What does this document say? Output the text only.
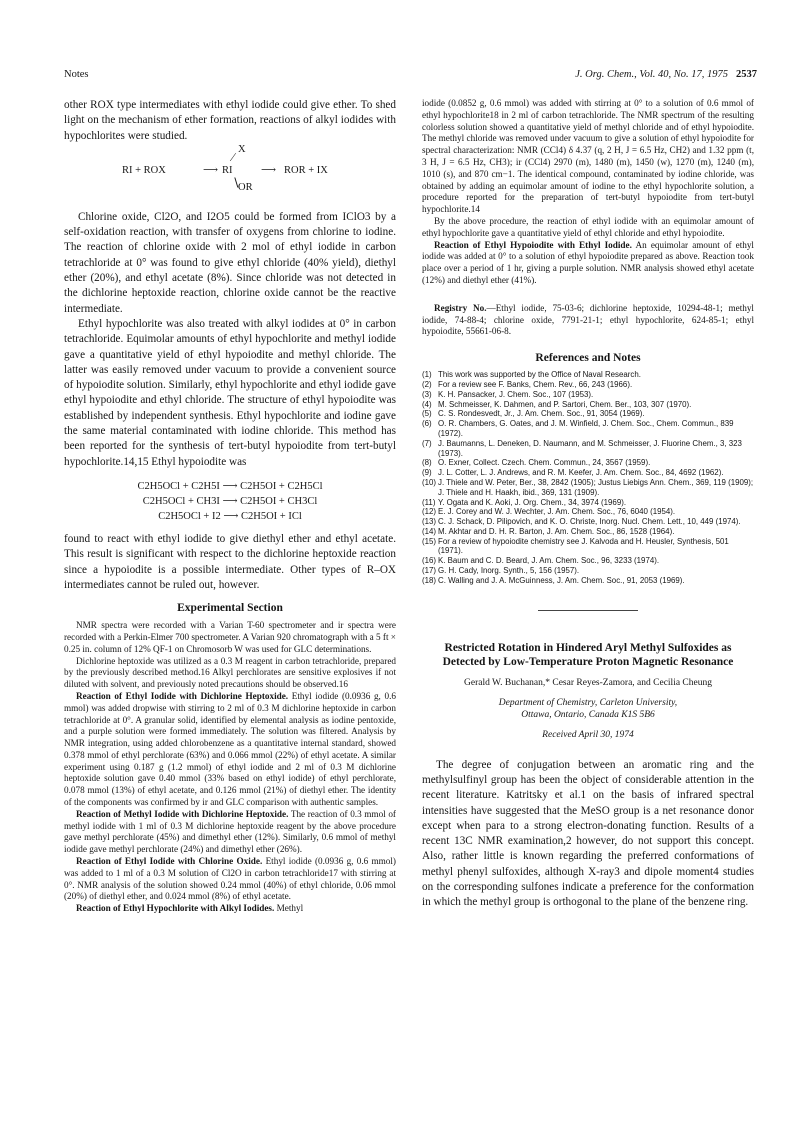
Notes	J. Org. Chem., Vol. 40, No. 17, 1975 2537

other ROX type intermediates with ethyl iodide could give ether. To shed light on the mechanism of ether formation, reactions of alkyl iodides with hypochlorites were studied.

RI + ROX	⟶ RI
∕
X
∖
OR
⟶ ROR + IX

Chlorine oxide, Cl2O, and I2O5 could be formed from IClO3 by a self-oxidation reaction, with transfer of oxygens from chlorine to iodine. The reaction of chlorine oxide with 2 mol of ethyl iodide in carbon tetrachloride at 0° was found to give ethyl chloride (40% yield), diethyl ether (20%), and ethyl acetate (8%). Since chloride was not detected in the dichlorine heptoxide reaction, chlorine oxide cannot be the reactive intermediate.

Ethyl hypochlorite was also treated with alkyl iodides at 0° in carbon tetrachloride. Equimolar amounts of ethyl hypochlorite and methyl iodide gave a quantitative yield of ethyl hypoiodite and methyl chloride. The latter was easily removed under vacuum to provide a convenient source of hypoiodite solution. Similarly, ethyl hypochlorite and ethyl iodide gave ethyl hypoiodite and ethyl chloride. The structure of ethyl hypoiodite was established by independent synthesis. Ethyl hypochlorite and iodine gave the same material contaminated with iodine chloride. This method has been reported for the synthesis of tert-butyl hypoiodite from tert-butyl hypochlorite.14,15 Ethyl hypoiodite was

C2H5OCl + C2H5I ⟶ C2H5OI + C2H5Cl
C2H5OCl + CH3I ⟶ C2H5OI + CH3Cl
C2H5OCl + I2 ⟶ C2H5OI + ICl

found to react with ethyl iodide to give diethyl ether and ethyl acetate. This result is significant with respect to the dichlorine heptoxide reaction since a hypoiodite is a possible intermediate. Other types of R–OX intermediates cannot be ruled out, however.

Experimental Section

NMR spectra were recorded with a Varian T-60 spectrometer and ir spectra were recorded with a Perkin-Elmer 700 spectrometer. A Varian 920 chromatograph with a 5 ft × 0.25 in. column of 12% QF-1 on Chromosorb W was used for GLC determinations.

Dichlorine heptoxide was utilized as a 0.3 M reagent in carbon tetrachloride, prepared by the previously described method.16 Alkyl perchlorates are sensitive explosives if not diluted with solvent, and previously noted precautions should be observed.16

Reaction of Ethyl Iodide with Dichlorine Heptoxide. Ethyl iodide (0.0936 g, 0.6 mmol) was added dropwise with stirring to 2 ml of 0.3 M dichlorine heptoxide in carbon tetrachloride at 0°. A granular solid, identified by elemental analysis as iodine pentoxide, and a purple solution were formed immediately. The solution was filtered. Analysis by NMR integration, using added chlorobenzene as a quantitative internal standard, showed 0.378 mmol of ethyl perchlorate (63%) and 0.066 mmol (22%) of ethyl acetate. A similar experiment using 0.187 g (1.2 mmol) of ethyl iodide and 2 ml of 0.3 M dichlorine heptoxide solution gave 0.40 mmol (33% based on ethyl iodide) of ethyl perchlorate, 0.078 mmol (13%) of ethyl acetate, and 0.126 mmol (21%) of diethyl ether. The identity of the components was confirmed by ir and GLC comparison with authentic samples.

Reaction of Methyl Iodide with Dichlorine Heptoxide. The reaction of 0.3 mmol of methyl iodide with 1 ml of 0.3 M dichlorine heptoxide reagent by the above procedure gave methyl perchlorate (45%) and dimethyl ether (12%). Similarly, 0.6 mmol of methyl iodide gave methyl perchlorate (24%) and dimethyl ether (26%).

Reaction of Ethyl Iodide with Chlorine Oxide. Ethyl iodide (0.0936 g, 0.6 mmol) was added to 1 ml of a 0.3 M solution of Cl2O in carbon tetrachloride17 with stirring at 0°. NMR analysis of the solution showed 0.24 mmol (40%) of ethyl chloride, 0.06 mmol (20%) of diethyl ether, and 0.024 mmol (8%) of ethyl acetate.

Reaction of Ethyl Hypochlorite with Alkyl Iodides. Methyl

iodide (0.0852 g, 0.6 mmol) was added with stirring at 0° to a solution of 0.6 mmol of ethyl hypochlorite18 in 2 ml of carbon tetrachloride. The NMR spectrum of the resulting colorless solution showed a quantitative yield of methyl chloride and of ethyl hypoiodite. The methyl chloride was removed under vacuum to give a solution of ethyl hypoiodite for spectral characterization: NMR (CCl4) δ 4.37 (q, 2 H, J = 6.5 Hz, CH2) and 1.32 ppm (t, 3 H, J = 6.5 Hz, CH3); ir (CCl4) 2970 (m), 1480 (m), 1450 (w), 1270 (m), 1240 (m), 1010 (s), and 870 cm−1. The identical compound, contaminated by iodine chloride, was obtained by adding an equimolar amount of iodine to the ethyl hypochlorite solution, a procedure reported for the preparation of tert-butyl hypoiodite from tert-butyl hypochlorite.14

By the above procedure, the reaction of ethyl iodide with an equimolar amount of ethyl hypochlorite gave a quantitative yield of ethyl chloride and ethyl hypoiodite.

Reaction of Ethyl Hypoiodite with Ethyl Iodide. An equimolar amount of ethyl iodide was added at 0° to a solution of ethyl hypoiodite prepared as above. Reaction took place over a period of 1 hr, giving a purple solution. NMR analysis showed ethyl acetate (12%) and diethyl ether (41%).

Registry No.—Ethyl iodide, 75-03-6; dichlorine heptoxide, 10294-48-1; methyl iodide, 74-88-4; chlorine oxide, 7791-21-1; ethyl hypochlorite, 624-85-1; ethyl hypoiodite, 55661-06-8.

References and Notes
(1) This work was supported by the Office of Naval Research.
(2) For a review see F. Banks, Chem. Rev., 66, 243 (1966).
(3) K. H. Pansacker, J. Chem. Soc., 107 (1953).
(4) M. Schmeisser, K. Dahmen, and P. Sartori, Chem. Ber., 103, 307 (1970).
(5) C. S. Rondesvedt, Jr., J. Am. Chem. Soc., 91, 3054 (1969).
(6) O. R. Chambers, G. Oates, and J. M. Winfield, J. Chem. Soc., Chem. Commun., 839 (1972).
(7) J. Baumanns, L. Deneken, D. Naumann, and M. Schmeisser, J. Fluorine Chem., 3, 323 (1973).
(8) O. Exner, Collect. Czech. Chem. Commun., 24, 3567 (1959).
(9) J. L. Cotter, L. J. Andrews, and R. M. Keefer, J. Am. Chem. Soc., 84, 4692 (1962).
(10) J. Thiele and W. Peter, Ber., 38, 2842 (1905); Justus Liebigs Ann. Chem., 369, 119 (1909); J. Thiele and H. Haakh, ibid., 369, 131 (1909).
(11) Y. Ogata and K. Aoki, J. Org. Chem., 34, 3974 (1969).
(12) E. J. Corey and W. J. Wechter, J. Am. Chem. Soc., 76, 6040 (1954).
(13) C. J. Schack, D. Pilipovich, and K. O. Christe, Inorg. Nucl. Chem. Lett., 10, 449 (1974).
(14) M. Akhtar and D. H. R. Barton, J. Am. Chem. Soc., 86, 1528 (1964).
(15) For a review of hypoiodite chemistry see J. Kalvoda and H. Heusler, Synthesis, 501 (1971).
(16) K. Baum and C. D. Beard, J. Am. Chem. Soc., 96, 3233 (1974).
(17) G. H. Cady, Inorg. Synth., 5, 156 (1957).
(18) C. Walling and J. A. McGuinness, J. Am. Chem. Soc., 91, 2053 (1969).
Restricted Rotation in Hindered Aryl Methyl Sulfoxides as Detected by Low-Temperature Proton Magnetic Resonance
Gerald W. Buchanan,* Cesar Reyes-Zamora, and Cecilia Cheung
Department of Chemistry, Carleton University,
Ottawa, Ontario, Canada K1S 5B6
Received April 30, 1974

The degree of conjugation between an aromatic ring and the methylsulfinyl group has been the object of considerable attention in the recent literature. Katritsky et al.1 on the basis of infrared spectral intensities have suggested that the MeSO group is a net resonance donor except when para to a strong electron-donating function. Results of a recent 13C NMR examination,2 however, do not support this concept. Also, rather little is known regarding the preferred conformations of methyl phenyl sulfoxides, although X-ray3 and dipole moment4 studies on the corresponding sulfones indicate a preference for the conformation in which the methyl group is orthogonal to the plane of the benzene ring.
